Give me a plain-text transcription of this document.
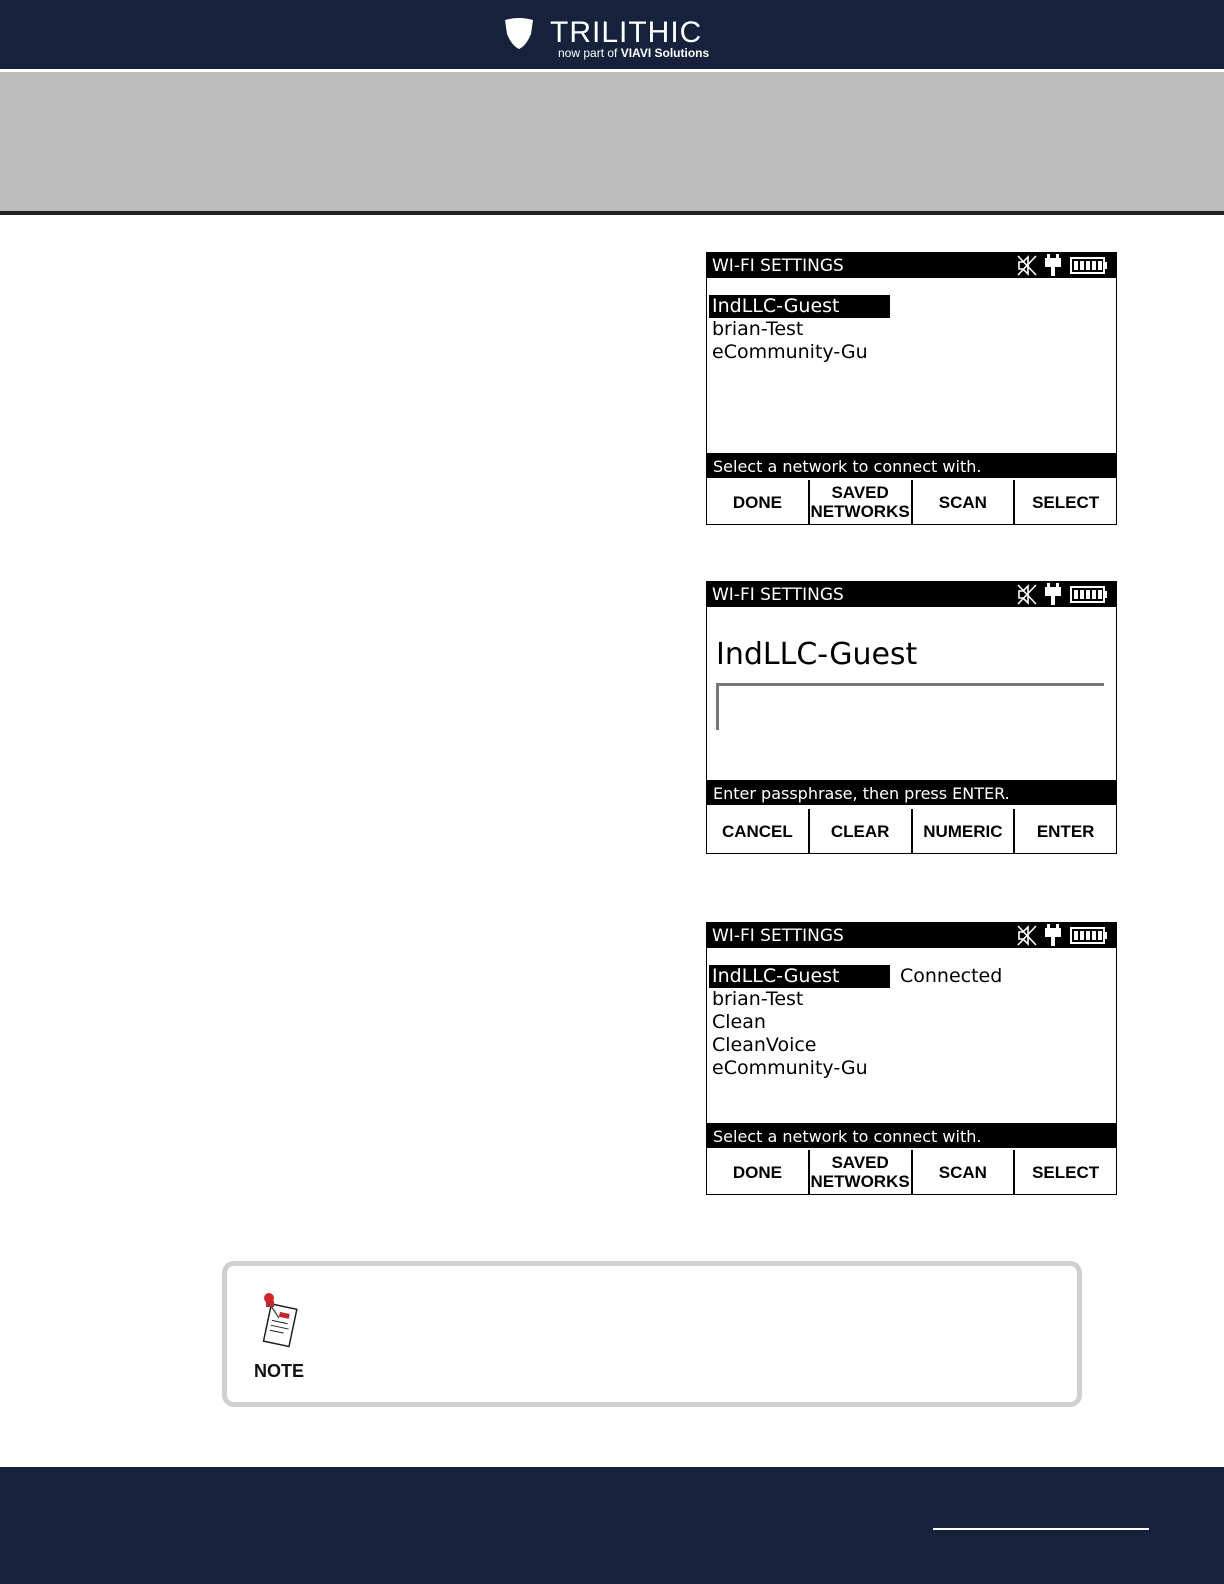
TRILITHIC
now part of VIAVI Solutions
WI-FI SETTINGS
IndLLC-Guest
brian-Test
eCommunity-Gu
Select a network to connect with.
DONE	SAVED NETWORKS	SCAN	SELECT
WI-FI SETTINGS
IndLLC-Guest
Enter passphrase, then press ENTER.
CANCEL	CLEAR	NUMERIC	ENTER
WI-FI SETTINGS
IndLLC-Guest	Connected
brian-Test
Clean
CleanVoice
eCommunity-Gu
Select a network to connect with.
DONE	SAVED NETWORKS	SCAN	SELECT
NOTE
